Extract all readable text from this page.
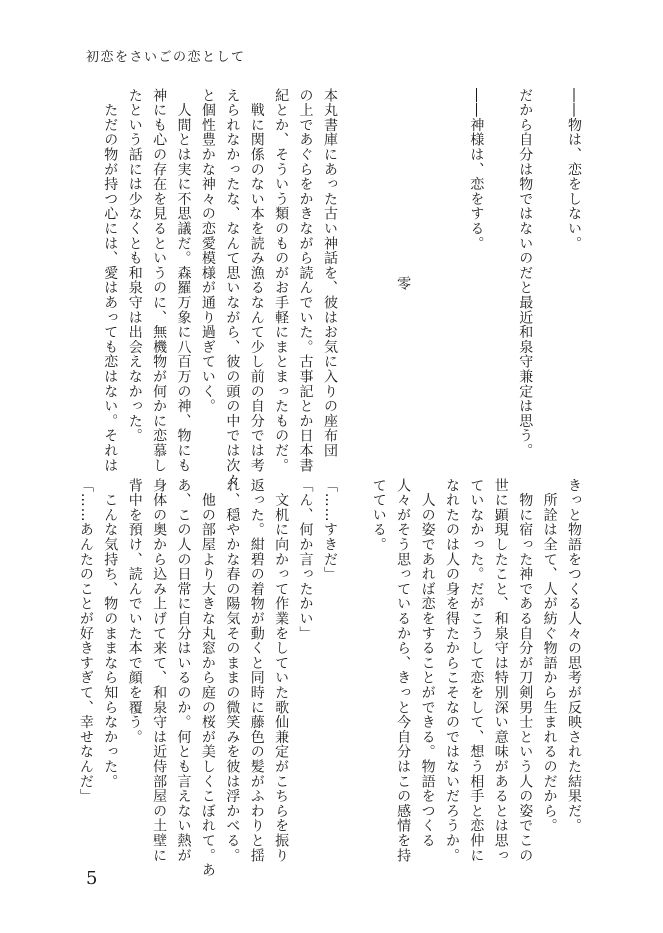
初恋をさいごの恋として

――物は、恋をしない。

だから自分は物ではないのだと最近和泉守兼定は思う。

――神様は、恋をする。

零

本丸書庫にあった古い神話を、彼はお気に入りの座布団

の上であぐらをかきながら読んでいた。古事記とか日本書

紀とか、そういう類のものがお手軽にまとまったものだ。

　戦に関係のない本を読み漁るなんて少し前の自分では考

えられなかったな、なんて思いながら、彼の頭の中では次々

と個性豊かな神々の恋愛模様が通り過ぎていく。

　人間とは実に不思議だ。森羅万象に八百万の神、物にも

神にも心の存在を見るというのに、無機物が何かに恋慕し

たという話には少なくとも和泉守は出会えなかった。

　ただの物が持つ心には、愛はあっても恋はない。それは

きっと物語をつくる人々の思考が反映された結果だ。

　所詮は全て、人が紡ぐ物語から生まれるのだから。

　物に宿った神である自分が刀剣男士という人の姿でこの

世に顕現したこと、和泉守は特別深い意味があるとは思っ

ていなかった。だがこうして恋をして、想う相手と恋仲に

なれたのは人の身を得たからこそなのではないだろうか。

　人の姿であれば恋をすることができる。物語をつくる

人々がそう思っているから、きっと今自分はこの感情を持

てている。

「……すきだ」

「ん、何か言ったかい」

　文机に向かって作業をしていた歌仙兼定がこちらを振り

返った。紺碧の着物が動くと同時に藤色の髪がふわりと揺

れ、穏やかな春の陽気そのままの微笑みを彼は浮かべる。

　他の部屋より大きな丸窓から庭の桜が美しくこぼれて。あ

あ、この人の日常に自分はいるのか。何とも言えない熱が

身体の奥から込み上げて来て、和泉守は近侍部屋の土壁に

背中を預け、読んでいた本で顔を覆う。

　こんな気持ち、物のままなら知らなかった。

「……あんたのことが好きすぎて、幸せなんだ」

5
